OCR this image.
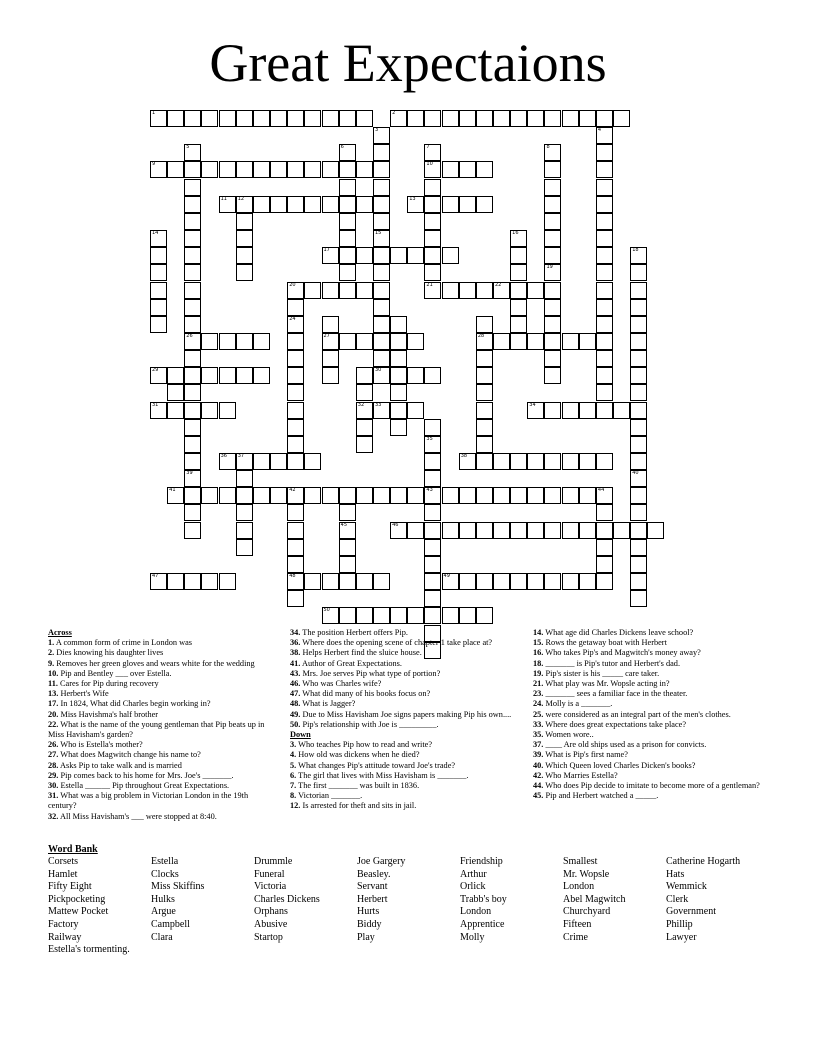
Great Expectaions
1	2
9	10
11 12	13
17
20	21	22
26	27	28
29	30
31	32 33	34
36 37	38
41	42	43
46
47	48	49
50
3
15
4
5
39
6	7	8
14	16
18
19
24
35
40
45
44

Across

1. A common form of crime in London was

2. Dies knowing his daughter lives

9. Removes her green gloves and wears white for the wedding

10. Pip and Bentley ___ over Estella.

11. Cares for Pip during recovery

13. Herbert's Wife

17. In 1824, What did Charles begin working in?

20. Miss Havishma's half brother

22. What is the name of the young gentleman that Pip beats up in Miss Havisham's garden?

26. Who is Estella's mother?

27. What does Magwitch change his name to?

28. Asks Pip to take walk and is married

29. Pip comes back to his home for Mrs. Joe's _______.

30. Estella ______ Pip throughout Great Expectations.

31. What was a big problem in Victorian London in the 19th century?

32. All Miss Havisham's ___ were stopped at 8:40.

34. The position Herbert offers Pip.

36. Where does the opening scene of chapter 1 take place at?

38. Helps Herbert find the sluice house.

41. Author of Great Expectations.

43. Mrs. Joe serves Pip what type of portion?

46. Who was Charles wife?

47. What did many of his books focus on?

48. What is Jagger?

49. Due to Miss Havisham Joe signs papers making Pip his own....

50. Pip's relationship with Joe is _________.

Down

3. Who teaches Pip how to read and write?

4. How old was dickens when he died?

5. What changes Pip's attitude toward Joe's trade?

6. The girl that lives with Miss Havisham is _______.

7. The first _______ was built in 1836.

8. Victorian _______.

12. Is arrested for theft and sits in jail.

14. What age did Charles Dickens leave school?

15. Rows the getaway boat with Herbert

16. Who takes Pip's and Magwitch's money away?

18. _______ is Pip's tutor and Herbert's dad.

19. Pip's sister is his _____ care taker.

21. What play was Mr. Wopsle acting in?

23. _______ sees a familiar face in the theater.

24. Molly is a _______.

25. were considered as an integral part of the men's clothes.

33. Where does great expectations take place?

35. Women wore..

37. ____ Are old ships used as a prison for convicts.

39. What is Pip's first name?

40. Which Queen loved Charles Dicken's books?

42. Who Marries Estella?

44. Who does Pip decide to imitate to become more of a gentleman?

45. Pip and Herbert watched a _____.

Word Bank
Corsets
Hamlet
Fifty Eight
Pickpocketing
Mattew Pocket
Factory
Railway
Estella's tormenting.
Estella
Clocks
Miss Skiffins
Hulks
Argue
Campbell
Clara
Drummle
Funeral
Victoria
Charles Dickens
Orphans
Abusive
Startop
Joe Gargery
Beasley.
Servant
Herbert
Hurts
Biddy
Play
Friendship
Arthur
Orlick
Trabb's boy
London
Apprentice
Molly
Smallest
Mr. Wopsle
London
Abel Magwitch
Churchyard
Fifteen
Crime
Catherine Hogarth
Hats
Wemmick
Clerk
Government
Phillip
Lawyer
